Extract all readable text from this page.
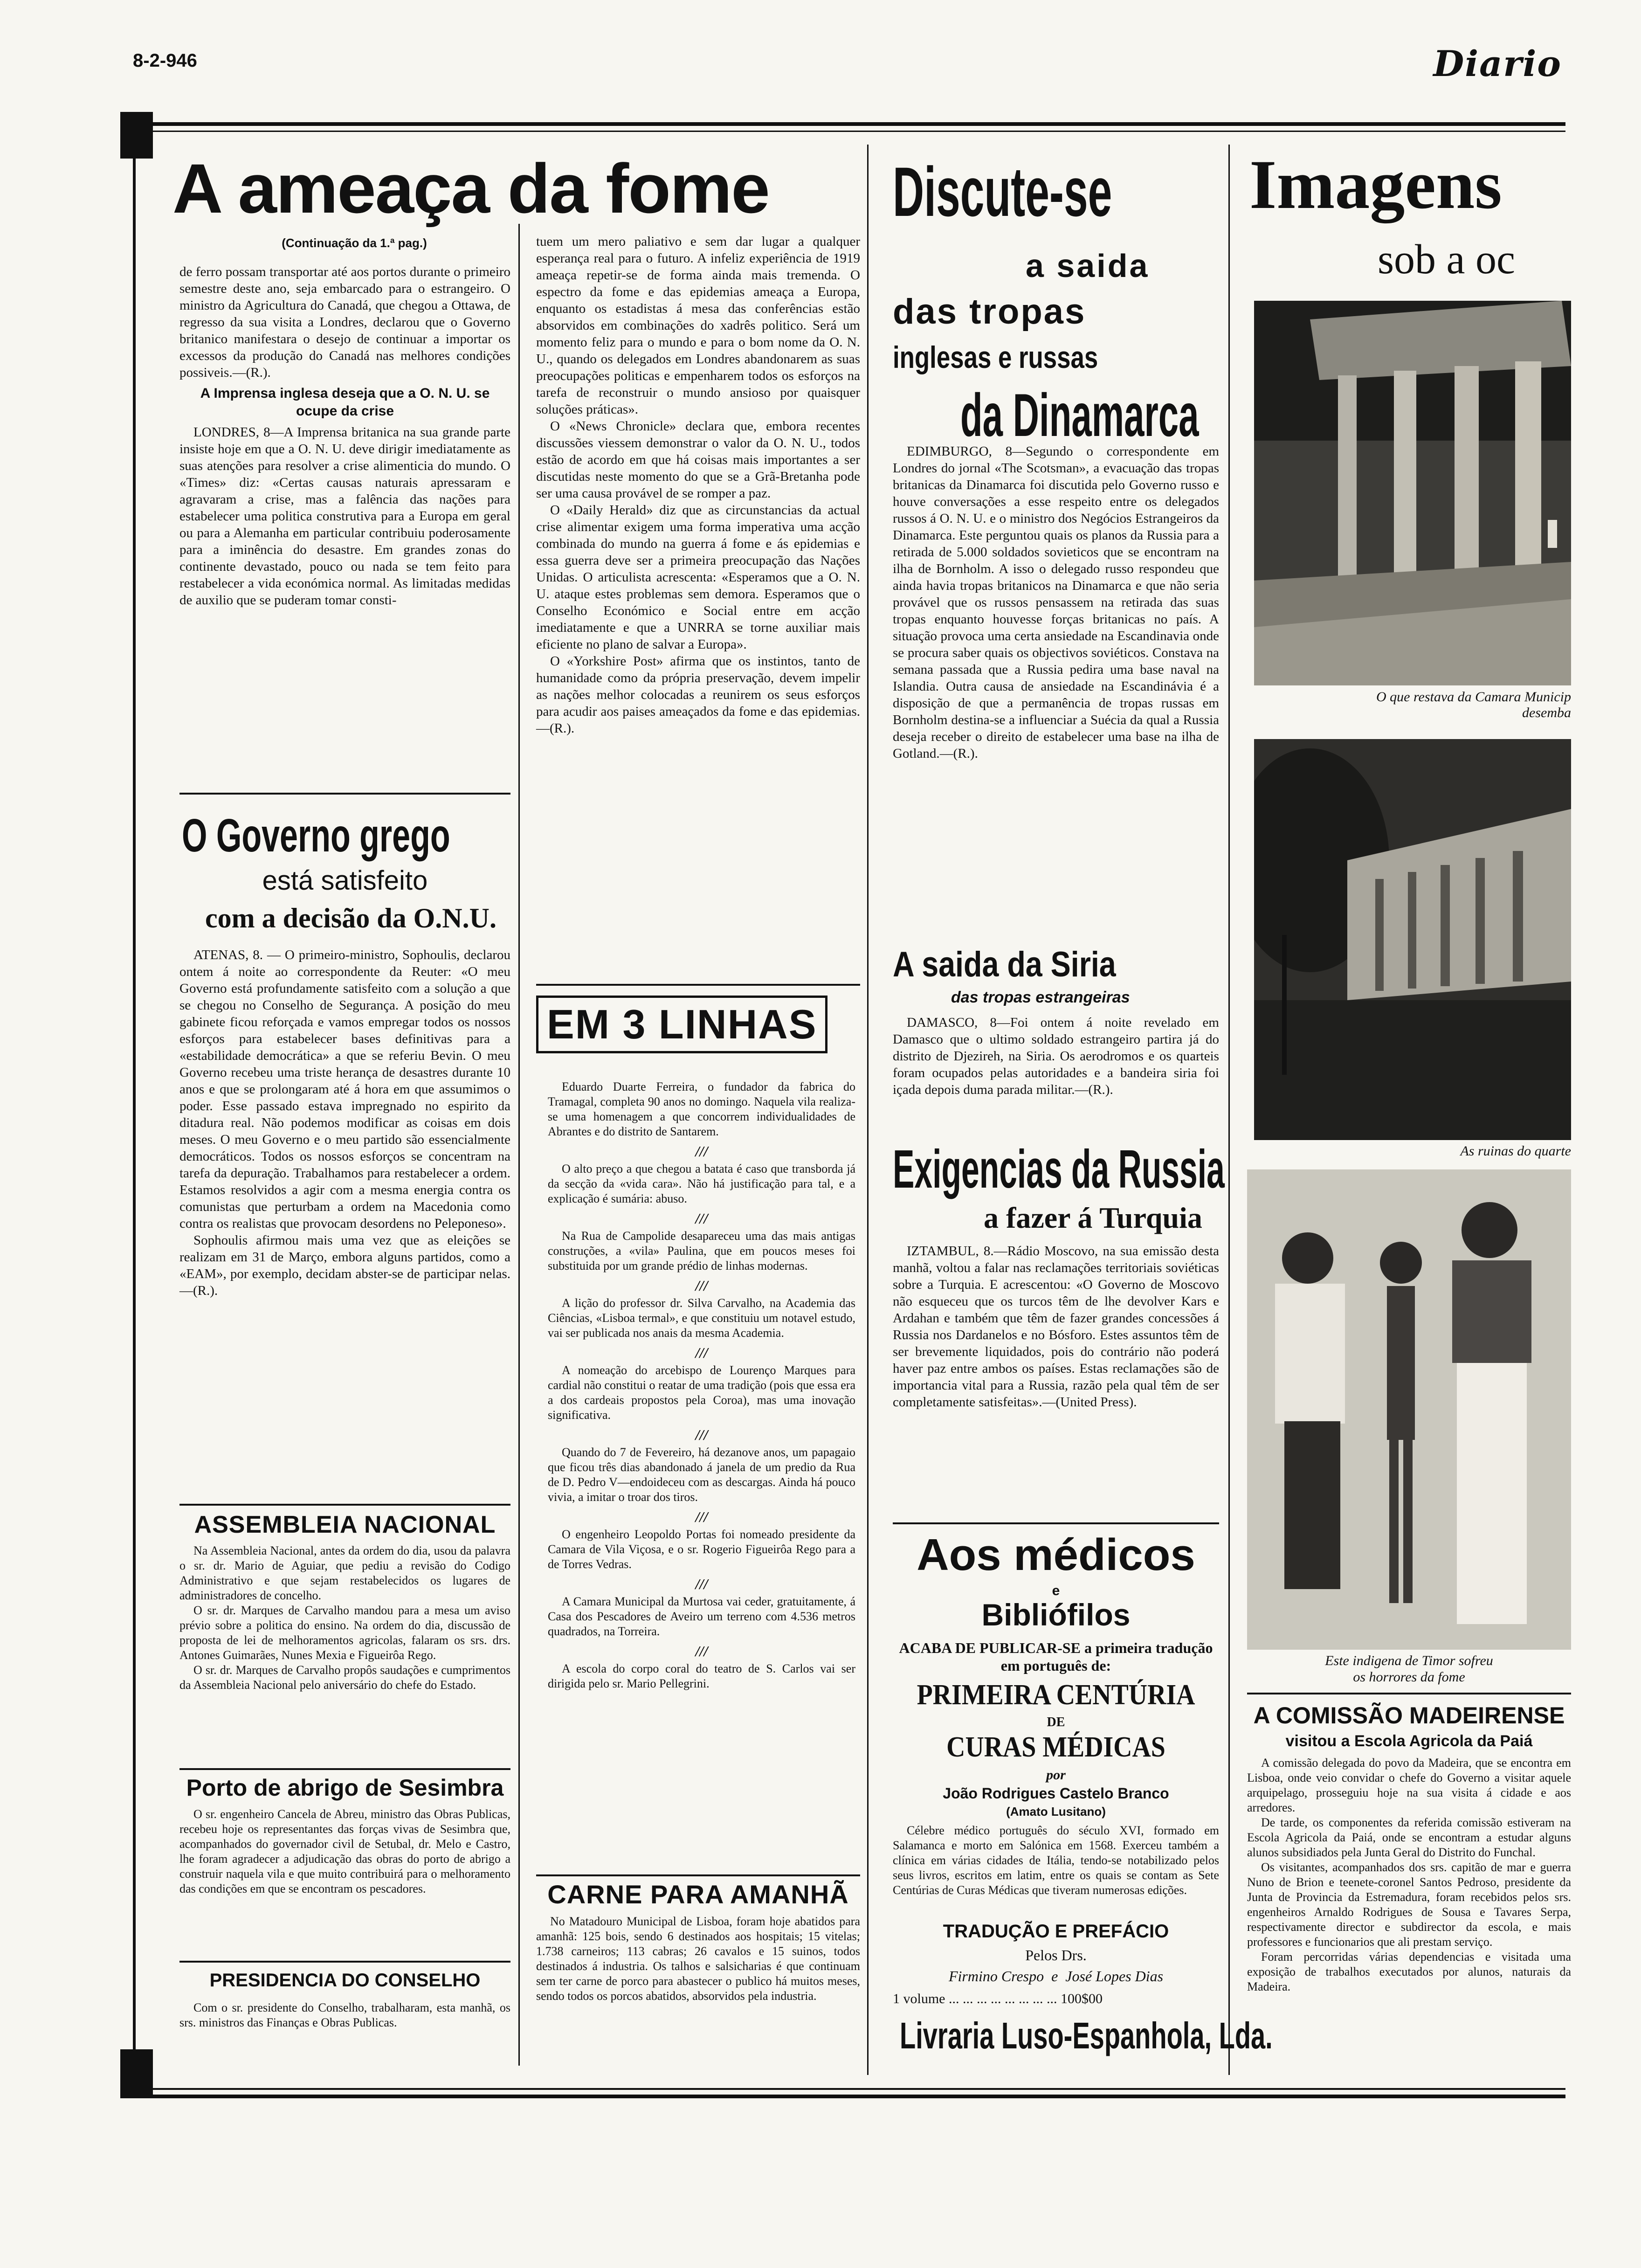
8-2-946	Diario
A ameaça da fome
(Continuação da 1.ª pag.)

de ferro possam transportar até aos portos durante o primeiro semestre deste ano, seja embarcado para o estrangeiro. O ministro da Agricultura do Canadá, que chegou a Ottawa, de regresso da sua visita a Londres, declarou que o Governo britanico manifestara o desejo de continuar a importar os excessos da produção do Canadá nas melhores condições possiveis.—(R.).

A Imprensa inglesa deseja que a O. N. U. se ocupe da crise

LONDRES, 8—A Imprensa britanica na sua grande parte insiste hoje em que a O. N. U. deve dirigir imediatamente as suas atenções para resolver a crise alimenticia do mundo. O «Times» diz: «Certas causas naturais apressaram e agravaram a crise, mas a falência das nações para estabelecer uma politica construtiva para a Europa em geral ou para a Alemanha em particular contribuiu poderosamente para a iminência do desastre. Em grandes zonas do continente devastado, pouco ou nada se tem feito para restabelecer a vida económica normal. As limitadas medidas de auxilio que se puderam tomar consti-

tuem um mero paliativo e sem dar lugar a qualquer esperança real para o futuro. A infeliz experiência de 1919 ameaça repetir-se de forma ainda mais tremenda. O espectro da fome e das epidemias ameaça a Europa, enquanto os estadistas á mesa das conferências estão absorvidos em combinações do xadrês politico. Será um momento feliz para o mundo e para o bom nome da O. N. U., quando os delegados em Londres abandonarem as suas preocupações politicas e empenharem todos os esforços na tarefa de reconstruir o mundo ansioso por quaisquer soluções práticas».

O «News Chronicle» declara que, embora recentes discussões viessem demonstrar o valor da O. N. U., todos estão de acordo em que há coisas mais importantes a ser discutidas neste momento do que se a Grã-Bretanha pode ser uma causa provável de se romper a paz.

O «Daily Herald» diz que as circunstancias da actual crise alimentar exigem uma forma imperativa uma acção combinada do mundo na guerra á fome e ás epidemias e essa guerra deve ser a primeira preocupação das Nações Unidas. O articulista acrescenta: «Esperamos que a O. N. U. ataque estes problemas sem demora. Esperamos que o Conselho Económico e Social entre em acção imediatamente e que a UNRRA se torne auxiliar mais eficiente no plano de salvar a Europa».

O «Yorkshire Post» afirma que os instintos, tanto de humanidade como da própria preservação, devem impelir as nações melhor colocadas a reunirem os seus esforços para acudir aos paises ameaçados da fome e das epidemias.—(R.).

O Governo grego
está satisfeito
com a decisão da O.N.U.

ATENAS, 8. — O primeiro-ministro, Sophoulis, declarou ontem á noite ao correspondente da Reuter: «O meu Governo está profundamente satisfeito com a solução a que se chegou no Conselho de Segurança. A posição do meu gabinete ficou reforçada e vamos empregar todos os nossos esforços para estabelecer bases definitivas para a «estabilidade democrática» a que se referiu Bevin. O meu Governo recebeu uma triste herança de desastres durante 10 anos e que se prolongaram até á hora em que assumimos o poder. Esse passado estava impregnado no espirito da ditadura real. Não podemos modificar as coisas em dois meses. O meu Governo e o meu partido são essencialmente democráticos. Todos os nossos esforços se concentram na tarefa da depuração. Trabalhamos para restabelecer a ordem. Estamos resolvidos a agir com a mesma energia contra os comunistas que perturbam a ordem na Macedonia como contra os realistas que provocam desordens no Peleponeso».

Sophoulis afirmou mais uma vez que as eleições se realizam em 31 de Março, embora alguns partidos, como a «EAM», por exemplo, decidam abster-se de participar nelas.—(R.).

ASSEMBLEIA NACIONAL

Na Assembleia Nacional, antes da ordem do dia, usou da palavra o sr. dr. Mario de Aguiar, que pediu a revisão do Codigo Administrativo e que sejam restabelecidos os lugares de administradores de concelho.

O sr. dr. Marques de Carvalho mandou para a mesa um aviso prévio sobre a politica do ensino. Na ordem do dia, discussão de proposta de lei de melhoramentos agricolas, falaram os srs. drs. Antones Guimarães, Nunes Mexia e Figueirôa Rego.

O sr. dr. Marques de Carvalho propôs saudações e cumprimentos da Assembleia Nacional pelo aniversário do chefe do Estado.

Porto de abrigo de Sesimbra

O sr. engenheiro Cancela de Abreu, ministro das Obras Publicas, recebeu hoje os representantes das forças vivas de Sesimbra que, acompanhados do governador civil de Setubal, dr. Melo e Castro, lhe foram agradecer a adjudicação das obras do porto de abrigo a construir naquela vila e que muito contribuirá para o melhoramento das condições em que se encontram os pescadores.

PRESIDENCIA DO CONSELHO

Com o sr. presidente do Conselho, trabalharam, esta manhã, os srs. ministros das Finanças e Obras Publicas.

EM 3 LINHAS

Eduardo Duarte Ferreira, o fundador da fabrica do Tramagal, completa 90 anos no domingo. Naquela vila realiza-se uma homenagem a que concorrem individualidades de Abrantes e do distrito de Santarem.

///

O alto preço a que chegou a batata é caso que transborda já da secção da «vida cara». Não há justificação para tal, e a explicação é sumária: abuso.

///

Na Rua de Campolide desapareceu uma das mais antigas construções, a «vila» Paulina, que em poucos meses foi substituida por um grande prédio de linhas modernas.

///

A lição do professor dr. Silva Carvalho, na Academia das Ciências, «Lisboa termal», e que constituiu um notavel estudo, vai ser publicada nos anais da mesma Academia.

///

A nomeação do arcebispo de Lourenço Marques para cardial não constitui o reatar de uma tradição (pois que essa era a dos cardeais propostos pela Coroa), mas uma inovação significativa.

///

Quando do 7 de Fevereiro, há dezanove anos, um papagaio que ficou três dias abandonado á janela de um predio da Rua de D. Pedro V—endoideceu com as descargas. Ainda há pouco vivia, a imitar o troar dos tiros.

///

O engenheiro Leopoldo Portas foi nomeado presidente da Camara de Vila Viçosa, e o sr. Rogerio Figueirôa Rego para a de Torres Vedras.

///

A Camara Municipal da Murtosa vai ceder, gratuitamente, á Casa dos Pescadores de Aveiro um terreno com 4.536 metros quadrados, na Torreira.

///

A escola do corpo coral do teatro de S. Carlos vai ser dirigida pelo sr. Mario Pellegrini.

CARNE PARA AMANHÃ

No Matadouro Municipal de Lisboa, foram hoje abatidos para amanhã: 125 bois, sendo 6 destinados aos hospitais; 15 vitelas; 1.738 carneiros; 113 cabras; 26 cavalos e 15 suinos, todos destinados á industria. Os talhos e salsicharias é que continuam sem ter carne de porco para abastecer o publico há muitos meses, sendo todos os porcos abatidos, absorvidos pela industria.

Discute-se
a saida
das tropas
inglesas e russas
da Dinamarca

EDIMBURGO, 8—Segundo o correspondente em Londres do jornal «The Scotsman», a evacuação das tropas britanicas da Dinamarca foi discutida pelo Governo russo e houve conversações a esse respeito entre os delegados russos á O. N. U. e o ministro dos Negócios Estrangeiros da Dinamarca. Este perguntou quais os planos da Russia para a retirada de 5.000 soldados sovieticos que se encontram na ilha de Bornholm. A isso o delegado russo respondeu que ainda havia tropas britanicos na Dinamarca e que não seria provável que os russos pensassem na retirada das suas tropas enquanto houvesse forças britanicas no país. A situação provoca uma certa ansiedade na Escandinavia onde se procura saber quais os objectivos soviéticos. Constava na semana passada que a Russia pedira uma base naval na Islandia. Outra causa de ansiedade na Escandinávia é a disposição de que a permanência de tropas russas em Bornholm destina-se a influenciar a Suécia da qual a Russia deseja receber o direito de estabelecer uma base na ilha de Gotland.—(R.).

A saida da Siria
das tropas estrangeiras

DAMASCO, 8—Foi ontem á noite revelado em Damasco que o ultimo soldado estrangeiro partira já do distrito de Djezireh, na Siria. Os aerodromos e os quarteis foram ocupados pelas autoridades e a bandeira siria foi içada depois duma parada militar.—(R.).

Exigencias da Russia
a fazer á Turquia

IZTAMBUL, 8.—Rádio Moscovo, na sua emissão desta manhã, voltou a falar nas reclamações territoriais soviéticas sobre a Turquia. E acrescentou: «O Governo de Moscovo não esqueceu que os turcos têm de lhe devolver Kars e Ardahan e também que têm de fazer grandes concessões á Russia nos Dardanelos e no Bósforo. Estes assuntos têm de ser brevemente liquidados, pois do contrário não poderá haver paz entre ambos os países. Estas reclamações são de importancia vital para a Russia, razão pela qual têm de ser completamente satisfeitas».—(United Press).

Aos médicos
e
Bibliófilos
ACABA DE PUBLICAR-SE a primeira tradução em português de:
PRIMEIRA CENTÚRIA
DE
CURAS MÉDICAS
por
João Rodrigues Castelo Branco
(Amato Lusitano)

Célebre médico português do século XVI, formado em Salamanca e morto em Salónica em 1568. Exerceu também a clínica em várias cidades de Itália, tendo-se notabilizado pelos seus livros, escritos em latim, entre os quais se contam as Sete Centúrias de Curas Médicas que tiveram numerosas edições.

TRADUÇÃO E PREFÁCIO
Pelos Drs.
Firmino Crespo  e  José Lopes Dias
1 volume ... ... ... ... ... ... ... ... 100$00
Livraria Luso-Espanhola, Lda.
Imagens
sob a oc
O que restava da Camara Municip
desemba
As ruinas do quarte
Este indigena de Timor sofreu
os horrores da fome
A COMISSÃO MADEIRENSE
visitou a Escola Agricola da Paiá

A comissão delegada do povo da Madeira, que se encontra em Lisboa, onde veio convidar o chefe do Governo a visitar aquele arquipelago, prosseguiu hoje na sua visita á cidade e aos arredores.

De tarde, os componentes da referida comissão estiveram na Escola Agricola da Paiá, onde se encontram a estudar alguns alunos subsidiados pela Junta Geral do Distrito do Funchal.

Os visitantes, acompanhados dos srs. capitão de mar e guerra Nuno de Brion e teenete-coronel Santos Pedroso, presidente da Junta de Provincia da Estremadura, foram recebidos pelos srs. engenheiros Arnaldo Rodrigues de Sousa e Tavares Serpa, respectivamente director e subdirector da escola, e mais professores e funcionarios que ali prestam serviço.

Foram percorridas várias dependencias e visitada uma exposição de trabalhos executados por alunos, naturais da Madeira.
